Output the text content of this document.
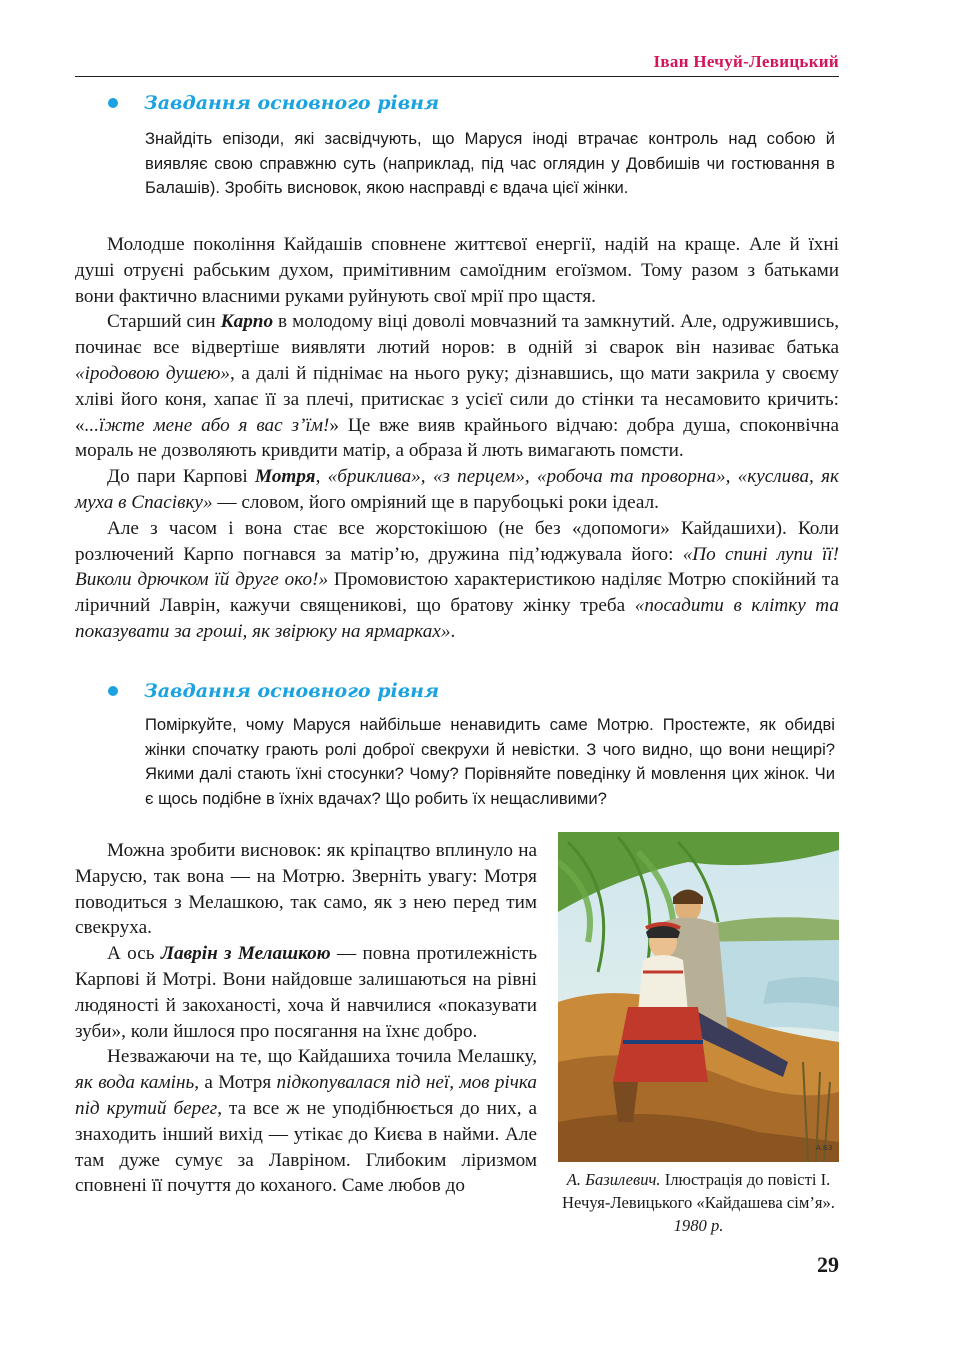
Іван Нечуй-Левицький
Завдання основного рівня

Знайдіть епізоди, які засвідчують, що Маруся іноді втрачає контроль над собою й виявляє свою справжню суть (наприклад, під час оглядин у Довбишів чи гостювання в Балашів). Зробіть висновок, якою насправді є вдача цієї жінки.

Молодше покоління Кайдашів сповнене життєвої енергії, надій на краще. Але й їхні душі отруєні рабським духом, примітивним самоїдним егоїзмом. Тому разом з батьками вони фактично власними руками руйнують свої мрії про щастя.

Старший син Карпо в молодому віці доволі мовчазний та замкнутий. Але, одружившись, починає все відвертіше виявляти лютий норов: в одній зі сварок він називає батька «іродовою душею», а далі й піднімає на нього руку; дізнавшись, що мати закрила у своєму хліві його коня, хапає її за плечі, притискає з усієї сили до стінки та несамовито кричить: «...їжте мене або я вас з’їм!» Це вже вияв крайнього відчаю: добра душа, споконвічна мораль не дозволяють кривдити матір, а образа й лють вимагають помсти.

До пари Карпові Мотря, «бриклива», «з перцем», «робоча та проворна», «куслива, як муха в Спасівку» — словом, його омріяний ще в парубоцькі роки ідеал.

Але з часом і вона стає все жорстокішою (не без «допомоги» Кайдашихи). Коли розлючений Карпо погнався за матір’ю, дружина під’юджувала його: «По спині лупи її! Виколи дрючком їй друге око!» Промовистою характеристикою наділяє Мотрю спокійний та ліричний Лаврін, кажучи священикові, що братову жінку треба «посадити в клітку та показувати за гроші, як звірюку на ярмарках».

Завдання основного рівня

Поміркуйте, чому Маруся найбільше ненавидить саме Мотрю. Простежте, як обидві жінки спочатку грають ролі доброї свекрухи й невістки. З чого видно, що вони нещирі? Якими далі стають їхні стосунки? Чому? Порівняйте поведінку й мовлення цих жінок. Чи є щось подібне в їхніх вдачах? Що робить їх нещасливими?

Можна зробити висновок: як кріпацтво вплинуло на Марусю, так вона — на Мотрю. Зверніть увагу: Мотря поводиться з Мелашкою, так само, як з нею перед тим свекруха.

А ось Лаврін з Мелашкою — повна протилежність Карпові й Мотрі. Вони найдовше залишаються на рівні людяності й закоханості, хоча й навчилися «показувати зуби», коли йшлося про посягання на їхнє добро.

Незважаючи на те, що Кайдашиха точила Мелашку, як вода камінь, а Мотря підкопувалася під неї, мов річка під крутий берег, та все ж не уподібнюється до них, а знаходить інший вихід — утікає до Києва в найми. Але там дуже сумує за Лавріном. Глибоким ліризмом сповнені її почуття до коханого. Саме любов до

А.БЗ
А. Базилевич. Ілюстрація до повісті І. Нечуя-Левицького «Кайдашева сім’я». 1980 р.
29
